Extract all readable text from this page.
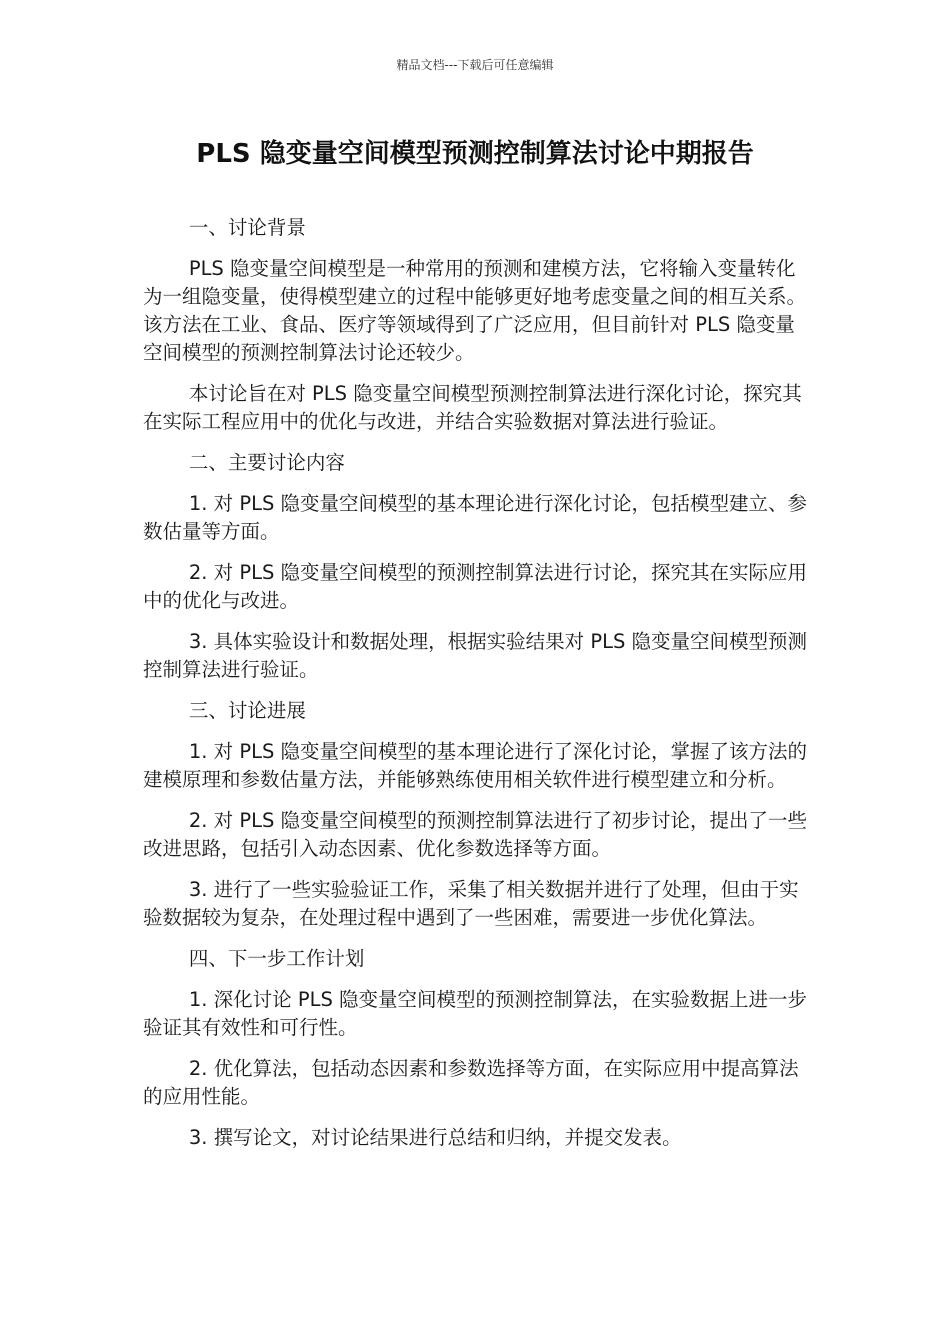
精品文档---下载后可任意编辑
PLS 隐变量空间模型预测控制算法讨论中期报告

一、讨论背景

PLS 隐变量空间模型是一种常用的预测和建模方法，它将输入变量转化为一组隐变量，使得模型建立的过程中能够更好地考虑变量之间的相互关系。该方法在工业、食品、医疗等领域得到了广泛应用，但目前针对 PLS 隐变量空间模型的预测控制算法讨论还较少。

本讨论旨在对 PLS 隐变量空间模型预测控制算法进行深化讨论，探究其在实际工程应用中的优化与改进，并结合实验数据对算法进行验证。

二、主要讨论内容

1. 对 PLS 隐变量空间模型的基本理论进行深化讨论，包括模型建立、参数估量等方面。

2. 对 PLS 隐变量空间模型的预测控制算法进行讨论，探究其在实际应用中的优化与改进。

3. 具体实验设计和数据处理，根据实验结果对 PLS 隐变量空间模型预测控制算法进行验证。

三、讨论进展

1. 对 PLS 隐变量空间模型的基本理论进行了深化讨论，掌握了该方法的建模原理和参数估量方法，并能够熟练使用相关软件进行模型建立和分析。

2. 对 PLS 隐变量空间模型的预测控制算法进行了初步讨论，提出了一些改进思路，包括引入动态因素、优化参数选择等方面。

3. 进行了一些实验验证工作，采集了相关数据并进行了处理，但由于实验数据较为复杂，在处理过程中遇到了一些困难，需要进一步优化算法。

四、下一步工作计划

1. 深化讨论 PLS 隐变量空间模型的预测控制算法，在实验数据上进一步验证其有效性和可行性。

2. 优化算法，包括动态因素和参数选择等方面，在实际应用中提高算法的应用性能。

3. 撰写论文，对讨论结果进行总结和归纳，并提交发表。
